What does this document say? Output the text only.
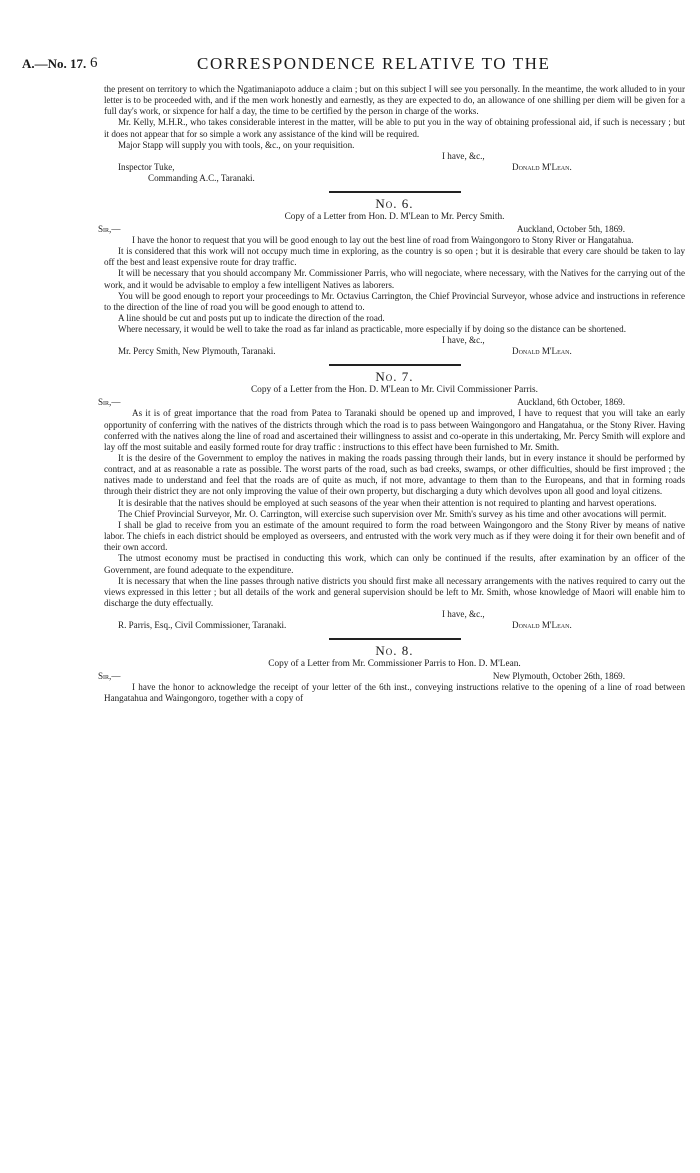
A.—No. 17. 6	CORRESPONDENCE RELATIVE TO THE

the present on territory to which the Ngatimaniapoto adduce a claim ; but on this subject I will see you personally. In the meantime, the work alluded to in your letter is to be proceeded with, and if the men work honestly and earnestly, as they are expected to do, an allowance of one shilling per diem will be given for a full day's work, or sixpence for half a day, the time to be certified by the person in charge of the works.

Mr. Kelly, M.H.R., who takes considerable interest in the matter, will be able to put you in the way of obtaining professional aid, if such is necessary ; but it does not appear that for so simple a work any assistance of the kind will be required.

Major Stapp will supply you with tools, &c., on your requisition.

I have, &c.,
Inspector Tuke,	Donald M'Lean.
Commanding A.C., Taranaki.
No. 6.
Copy of a Letter from Hon. D. M'Lean to Mr. Percy Smith.
Sir,—	Auckland, October 5th, 1869.

I have the honor to request that you will be good enough to lay out the best line of road from Waingongoro to Stony River or Hangatahua.

It is considered that this work will not occupy much time in exploring, as the country is so open ; but it is desirable that every care should be taken to lay off the best and least expensive route for dray traffic.

It will be necessary that you should accompany Mr. Commissioner Parris, who will negociate, where necessary, with the Natives for the carrying out of the work, and it would be advisable to employ a few intelligent Natives as laborers.

You will be good enough to report your proceedings to Mr. Octavius Carrington, the Chief Provincial Surveyor, whose advice and instructions in reference to the direction of the line of road you will be good enough to attend to.

A line should be cut and posts put up to indicate the direction of the road.

Where necessary, it would be well to take the road as far inland as practicable, more especially if by doing so the distance can be shortened.

I have, &c.,
Mr. Percy Smith, New Plymouth, Taranaki.	Donald M'Lean.
No. 7.
Copy of a Letter from the Hon. D. M'Lean to Mr. Civil Commissioner Parris.
Sir,—	Auckland, 6th October, 1869.

As it is of great importance that the road from Patea to Taranaki should be opened up and improved, I have to request that you will take an early opportunity of conferring with the natives of the districts through which the road is to pass between Waingongoro and Hangatahua, or the Stony River. Having conferred with the natives along the line of road and ascertained their willingness to assist and co-operate in this undertaking, Mr. Percy Smith will explore and lay off the most suitable and easily formed route for dray traffic : instructions to this effect have been furnished to Mr. Smith.

It is the desire of the Government to employ the natives in making the roads passing through their lands, but in every instance it should be performed by contract, and at as reasonable a rate as possible. The worst parts of the road, such as bad creeks, swamps, or other difficulties, should be first improved ; the natives made to understand and feel that the roads are of quite as much, if not more, advantage to them than to the Europeans, and that in forming roads through their district they are not only improving the value of their own property, but discharging a duty which devolves upon all good and loyal citizens.

It is desirable that the natives should be employed at such seasons of the year when their attention is not required to planting and harvest operations.

The Chief Provincial Surveyor, Mr. O. Carrington, will exercise such supervision over Mr. Smith's survey as his time and other avocations will permit.

I shall be glad to receive from you an estimate of the amount required to form the road between Waingongoro and the Stony River by means of native labor. The chiefs in each district should be employed as overseers, and entrusted with the work very much as if they were doing it for their own benefit and of their own accord.

The utmost economy must be practised in conducting this work, which can only be continued if the results, after examination by an officer of the Government, are found adequate to the expenditure.

It is necessary that when the line passes through native districts you should first make all necessary arrangements with the natives required to carry out the views expressed in this letter ; but all details of the work and general supervision should be left to Mr. Smith, whose knowledge of Maori will enable him to discharge the duty effectually.

I have, &c.,
R. Parris, Esq., Civil Commissioner, Taranaki.	Donald M'Lean.
No. 8.
Copy of a Letter from Mr. Commissioner Parris to Hon. D. M'Lean.
Sir,—	New Plymouth, October 26th, 1869.

I have the honor to acknowledge the receipt of your letter of the 6th inst., conveying instructions relative to the opening of a line of road between Hangatahua and Waingongoro, together with a copy of
